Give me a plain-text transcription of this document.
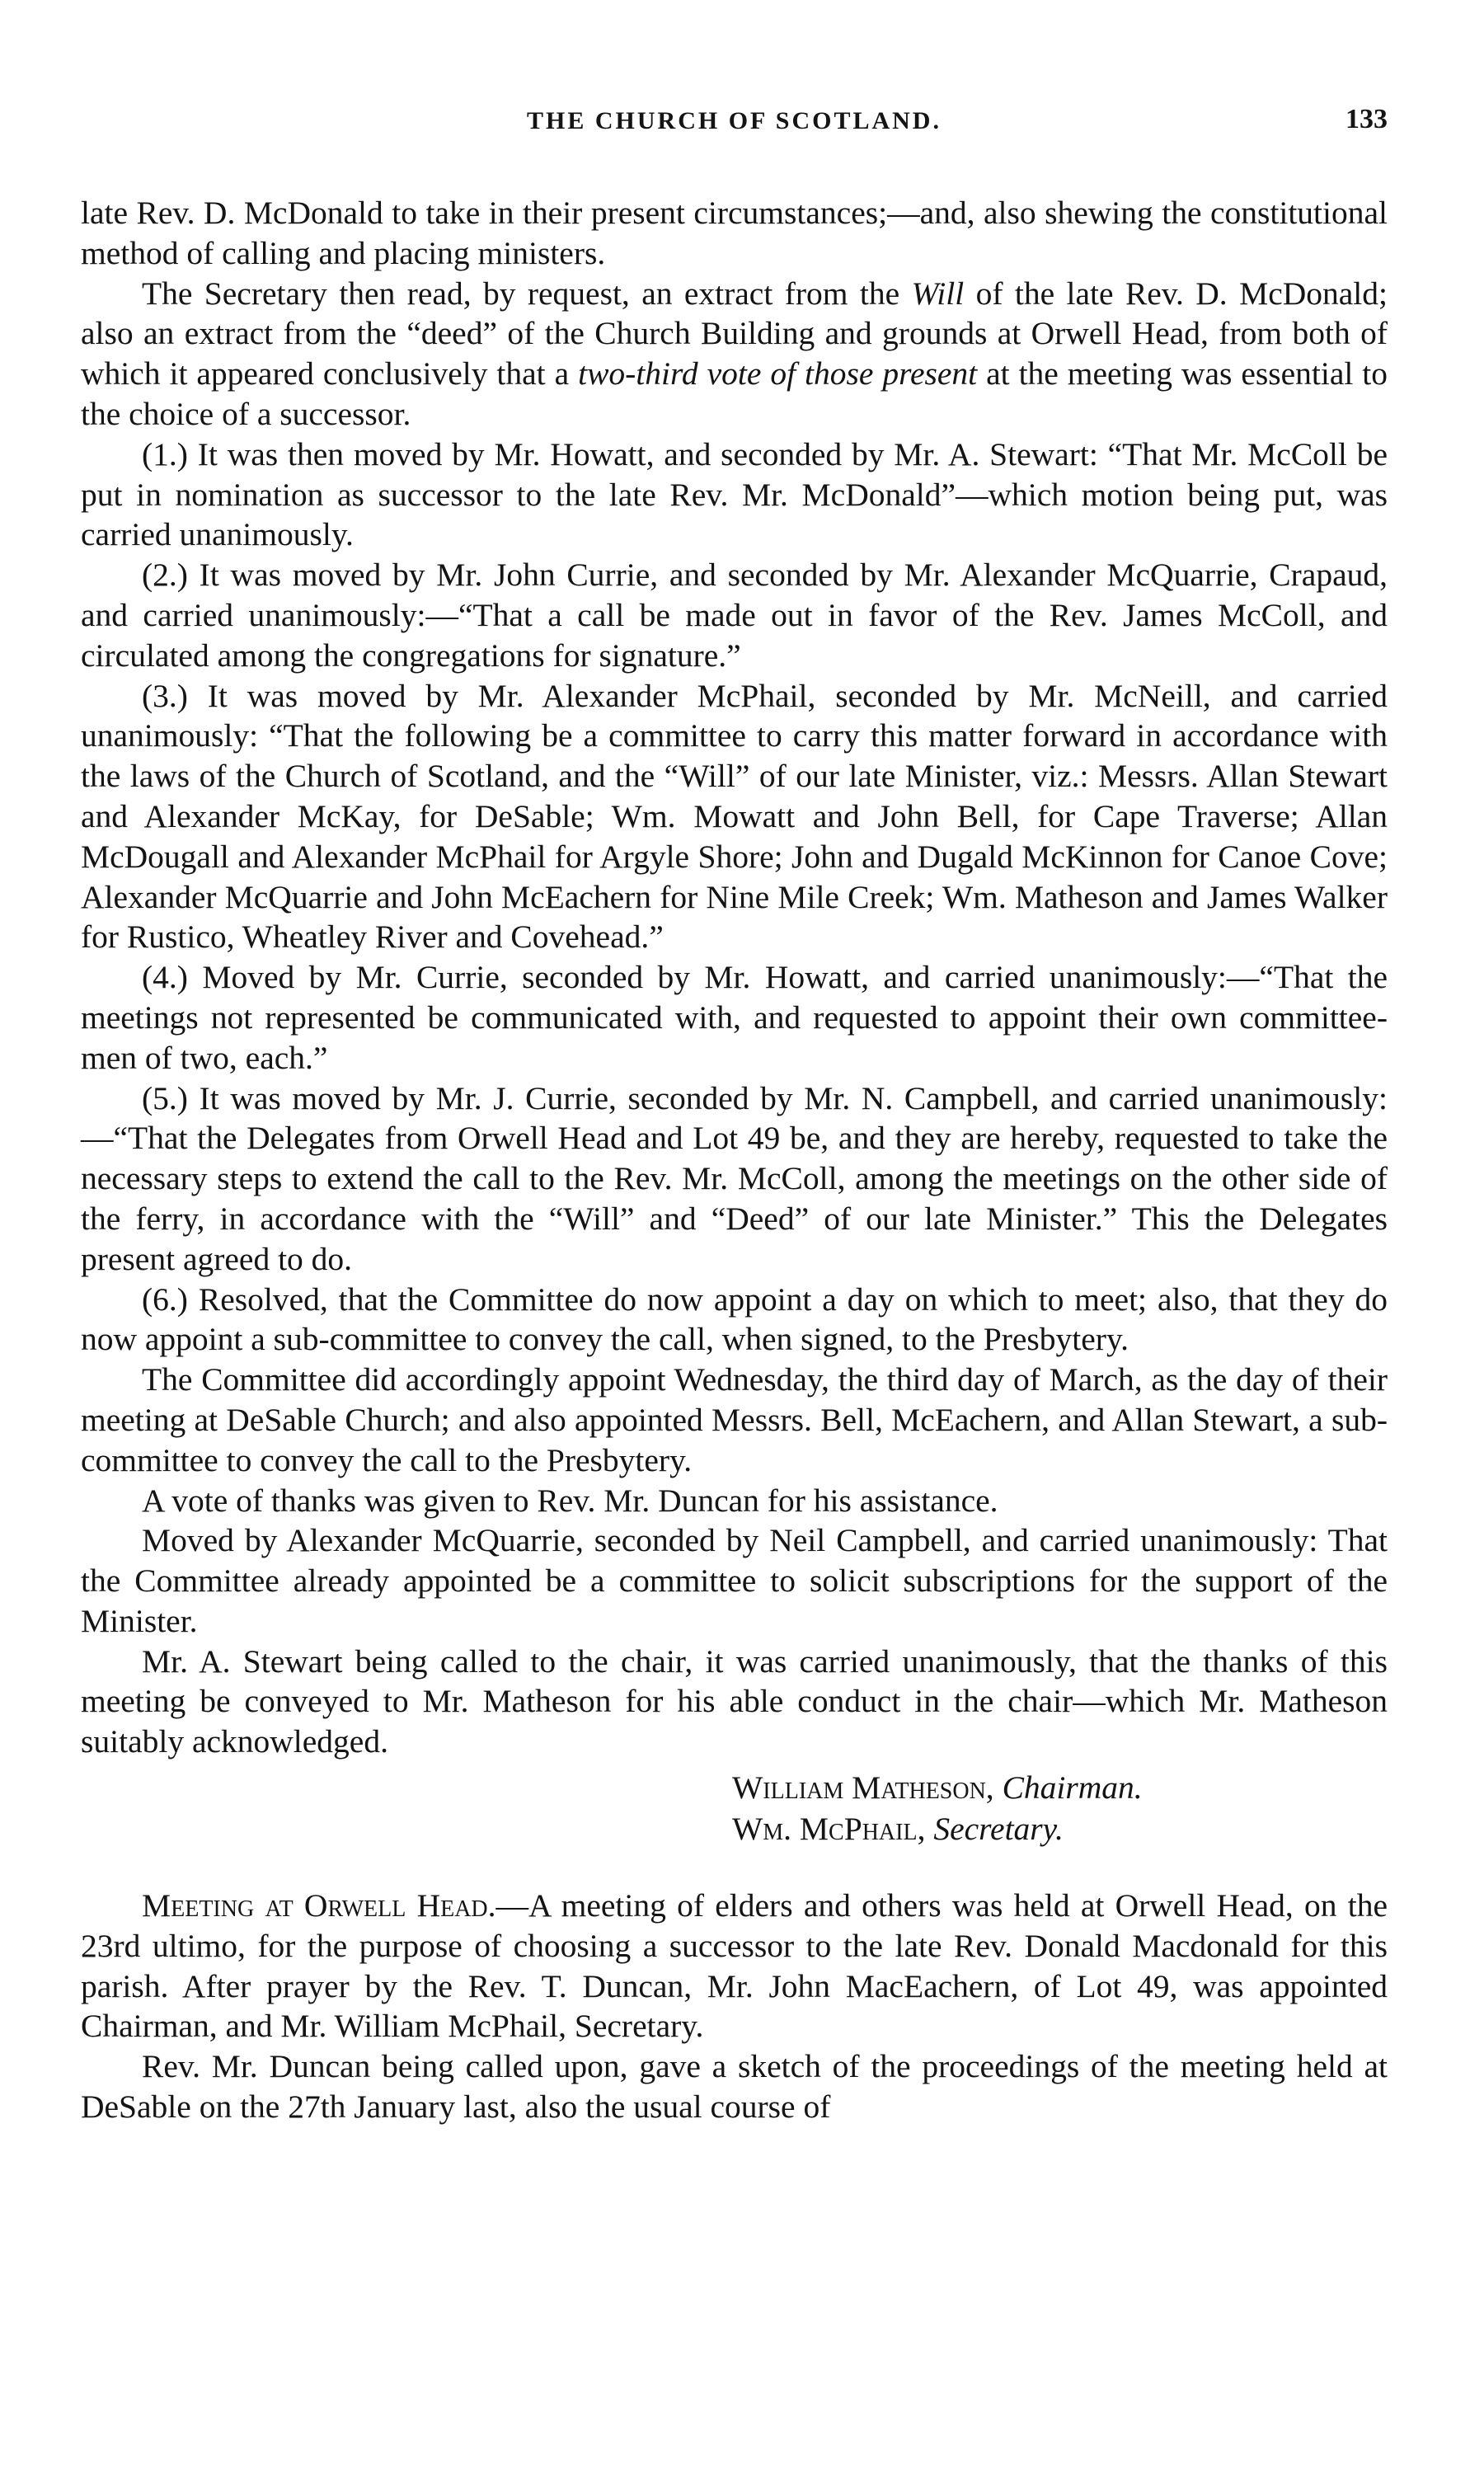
THE CHURCH OF SCOTLAND.	133

late Rev. D. McDonald to take in their present circumstances;—and, also shewing the constitutional method of calling and placing ministers.

The Secretary then read, by request, an extract from the Will of the late Rev. D. McDonald; also an extract from the “deed” of the Church Building and grounds at Orwell Head, from both of which it appeared conclusively that a two-third vote of those present at the meeting was essential to the choice of a successor.

(1.) It was then moved by Mr. Howatt, and seconded by Mr. A. Stewart: “That Mr. McColl be put in nomination as successor to the late Rev. Mr. McDonald”—which motion being put, was carried unanimously.

(2.) It was moved by Mr. John Currie, and seconded by Mr. Alexander McQuarrie, Crapaud, and carried unanimously:—“That a call be made out in favor of the Rev. James McColl, and circulated among the congregations for signature.”

(3.) It was moved by Mr. Alexander McPhail, seconded by Mr. McNeill, and carried unanimously: “That the following be a committee to carry this matter forward in accordance with the laws of the Church of Scotland, and the “Will” of our late Minister, viz.: Messrs. Allan Stewart and Alexander McKay, for DeSable; Wm. Mowatt and John Bell, for Cape Traverse; Allan McDougall and Alexander McPhail for Argyle Shore; John and Dugald McKinnon for Canoe Cove; Alexander McQuarrie and John McEachern for Nine Mile Creek; Wm. Matheson and James Walker for Rustico, Wheatley River and Covehead.”

(4.) Moved by Mr. Currie, seconded by Mr. Howatt, and carried unanimously:—“That the meetings not represented be communicated with, and requested to appoint their own committee-men of two, each.”

(5.) It was moved by Mr. J. Currie, seconded by Mr. N. Campbell, and carried unanimously:—“That the Delegates from Orwell Head and Lot 49 be, and they are hereby, requested to take the necessary steps to extend the call to the Rev. Mr. McColl, among the meetings on the other side of the ferry, in accordance with the “Will” and “Deed” of our late Minister.” This the Delegates present agreed to do.

(6.) Resolved, that the Committee do now appoint a day on which to meet; also, that they do now appoint a sub-committee to convey the call, when signed, to the Presbytery.

The Committee did accordingly appoint Wednesday, the third day of March, as the day of their meeting at DeSable Church; and also appointed Messrs. Bell, McEachern, and Allan Stewart, a sub-committee to convey the call to the Presbytery.

A vote of thanks was given to Rev. Mr. Duncan for his assistance.

Moved by Alexander McQuarrie, seconded by Neil Campbell, and carried unanimously: That the Committee already appointed be a committee to solicit subscriptions for the support of the Minister.

Mr. A. Stewart being called to the chair, it was carried unanimously, that the thanks of this meeting be conveyed to Mr. Matheson for his able conduct in the chair—which Mr. Matheson suitably acknowledged.

William Matheson, Chairman.
Wm. McPhail, Secretary.

Meeting at Orwell Head.—A meeting of elders and others was held at Orwell Head, on the 23rd ultimo, for the purpose of choosing a successor to the late Rev. Donald Macdonald for this parish. After prayer by the Rev. T. Duncan, Mr. John MacEachern, of Lot 49, was appointed Chairman, and Mr. William McPhail, Secretary.

Rev. Mr. Duncan being called upon, gave a sketch of the proceedings of the meeting held at DeSable on the 27th January last, also the usual course of
